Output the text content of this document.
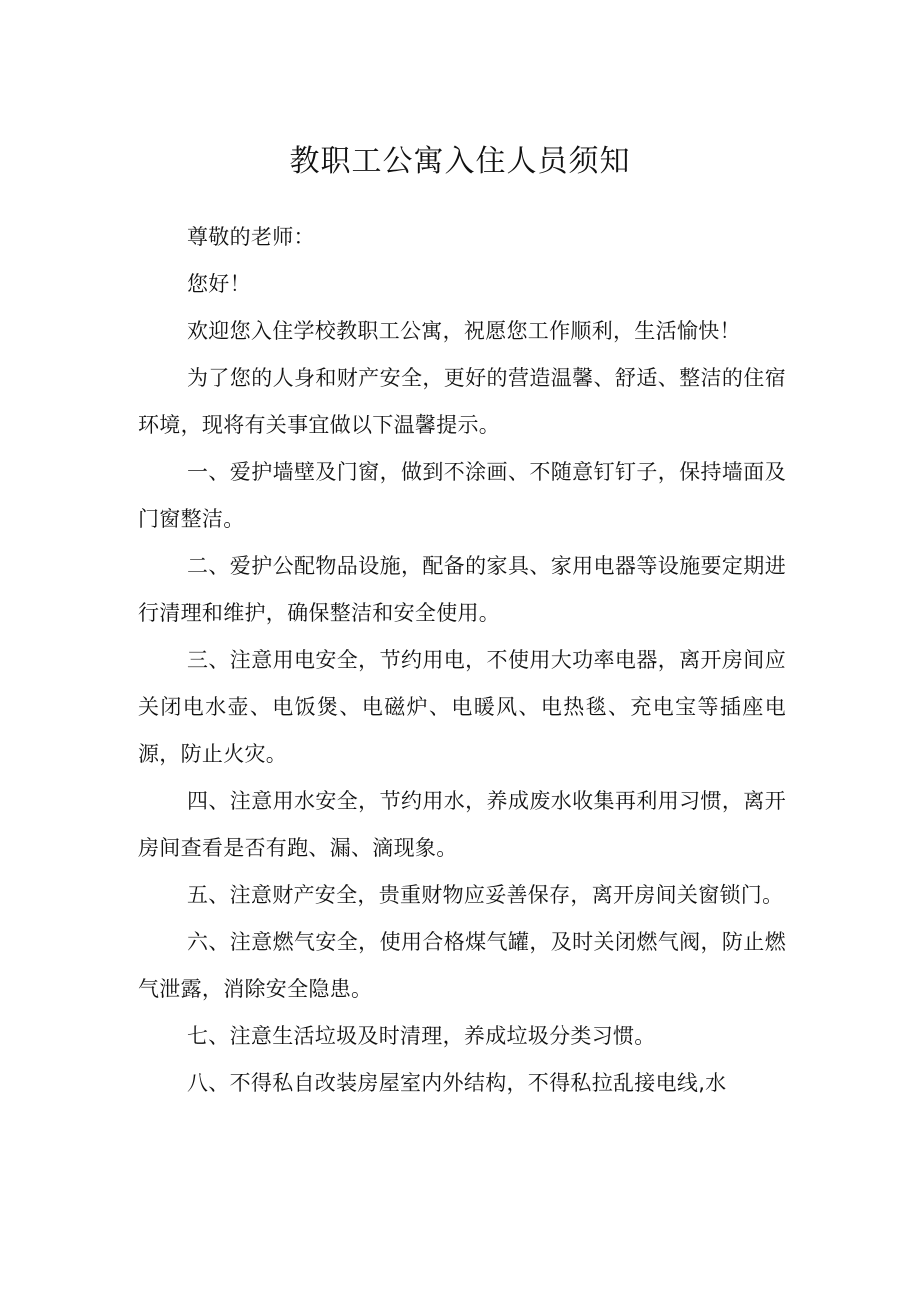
教职工公寓入住人员须知

尊敬的老师：

您好！

欢迎您入住学校教职工公寓，祝愿您工作顺利，生活愉快！

为了您的人身和财产安全，更好的营造温馨、舒适、整洁的住宿环境，现将有关事宜做以下温馨提示。

一、爱护墙壁及门窗，做到不涂画、不随意钉钉子，保持墙面及门窗整洁。

二、爱护公配物品设施，配备的家具、家用电器等设施要定期进行清理和维护，确保整洁和安全使用。

三、注意用电安全，节约用电，不使用大功率电器，离开房间应关闭电水壶、电饭煲、电磁炉、电暖风、电热毯、充电宝等插座电源，防止火灾。

四、注意用水安全，节约用水，养成废水收集再利用习惯，离开房间查看是否有跑、漏、滴现象。

五、注意财产安全，贵重财物应妥善保存，离开房间关窗锁门。

六、注意燃气安全，使用合格煤气罐，及时关闭燃气阀，防止燃气泄露，消除安全隐患。

七、注意生活垃圾及时清理，养成垃圾分类习惯。

八、不得私自改装房屋室内外结构，不得私拉乱接电线,水
